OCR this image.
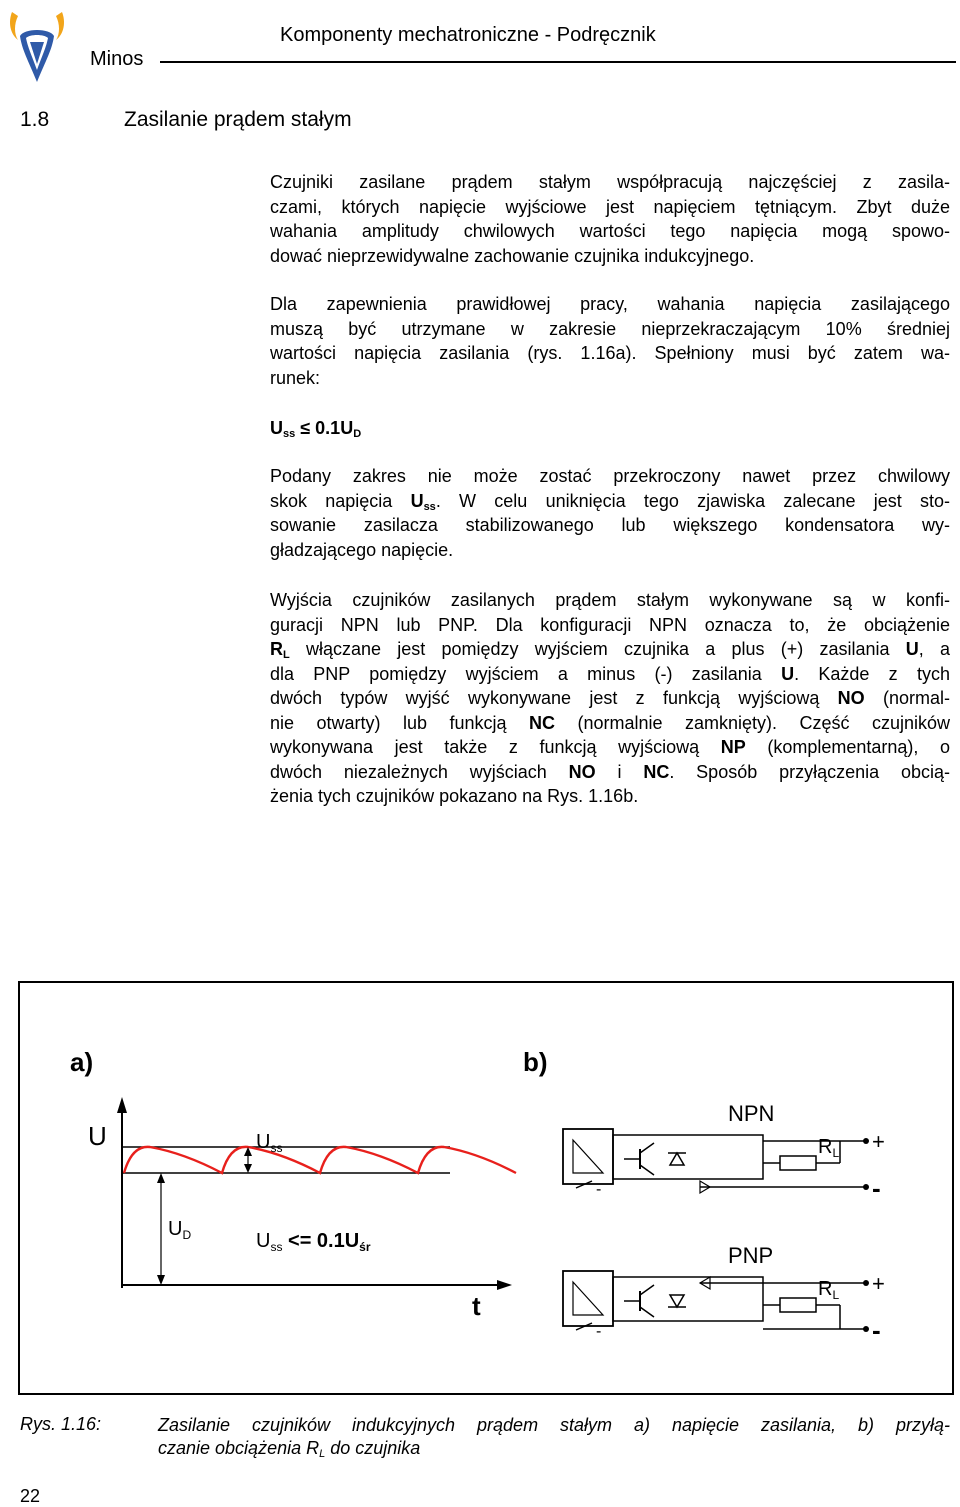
Minos
Komponenty mechatroniczne - Podręcznik
1.8	Zasilanie prądem stałym
Czujniki zasilane prądem stałym współpracują najczęściej z zasila-
czami, których napięcie wyjściowe jest napięciem tętniącym. Zbyt duże
wahania amplitudy chwilowych wartości tego napięcia mogą spowo-
dować nieprzewidywalne zachowanie czujnika indukcyjnego.
Dla zapewnienia prawidłowej pracy, wahania napięcia zasilającego
muszą być utrzymane w zakresie nieprzekraczającym 10% średniej
wartości napięcia zasilania (rys. 1.16a). Spełniony musi być zatem wa-
runek:
$U_{ss} \le 0.1U_D$
Podany zakres nie może zostać przekroczony nawet przez chwilowy
skok napięcia $U_{ss}$. W celu uniknięcia tego zjawiska zalecane jest sto-
sowanie zasilacza stabilizowanego lub większego kondensatora wy-
gładzającego napięcie.
Wyjścia czujników zasilanych prądem stałym wykonywane są w konfi-
guracji NPN lub PNP. Dla konfiguracji NPN oznacza to, że obciążenie
$R_L$ włączane jest pomiędzy wyjściem czujnika a plus (+) zasilania U, a
dla PNP pomiędzy wyjściem a minus (-) zasilania U. Każde z tych
dwóch typów wyjść wykonywane jest z funkcją wyjściową NO (normal-
nie otwarty) lub funkcją NC (normalnie zamknięty). Część czujników
wykonywana jest także z funkcją wyjściową NP (komplementarną), o
dwóch niezależnych wyjściach NO i NC. Sposób przyłączenia obcią-
żenia tych czujników pokazano na Rys. 1.16b.
a)	b)
U
t
$U_{ss}$
$U_D$	$U_{ss} <= 0.1U_{śr}$
NPN
-
$R_L$ +
-
PNP
-
$R_L$ +
-
Rys. 1.16:	Zasilanie czujników indukcyjnych prądem stałym a) napięcie zasilania, b) przyłą-
czanie obciążenia $R_L$ do czujnika
22
